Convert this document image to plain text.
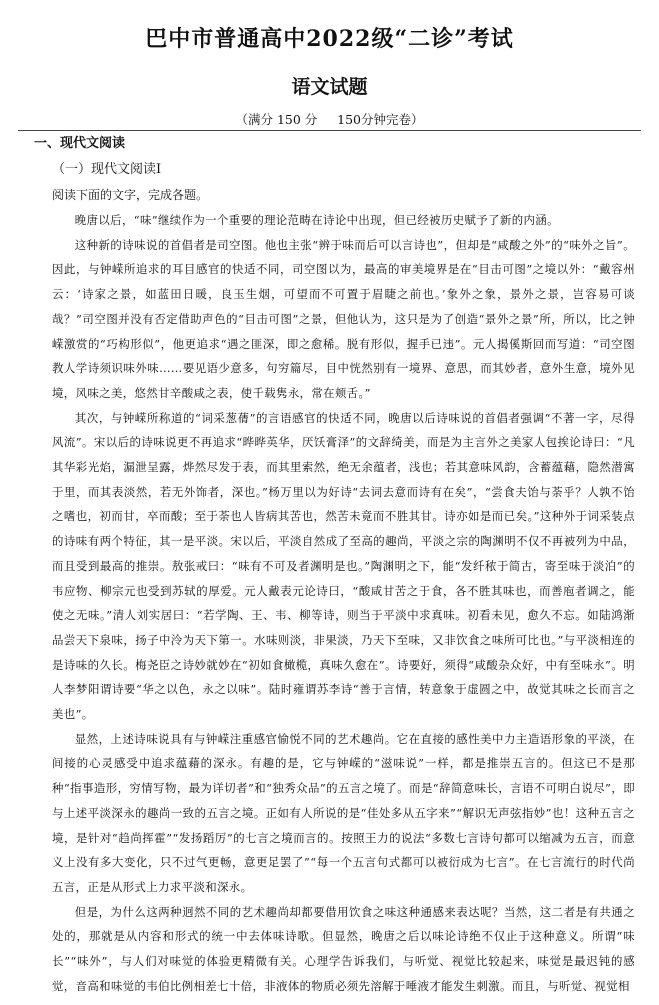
巴中市普通高中2022级“二诊”考试
语文试题
（满分 150 分     150分钟完卷）
一、现代文阅读
（一）现代文阅读Ⅰ
阅读下面的文字，完成各题。

晚唐以后，“味”继续作为一个重要的理论范畴在诗论中出现，但已经被历史赋予了新的内涵。

这种新的诗味说的首倡者是司空图。他也主张“辨于味而后可以言诗也”，但却是“咸酸之外”的“味外之旨”。因此，与钟嵘所追求的耳目感官的快适不同，司空图以为，最高的审美境界是在“目击可图”之境以外：“戴容州云：‘诗家之景，如蓝田日暖，良玉生烟，可望而不可置于眉睫之前也。’象外之象，景外之景，岂容易可谈哉？”司空图并没有否定借助声色的“目击可图”之景，但他认为，这只是为了创造“景外之景”所，所以，比之钟嵘激赏的“巧构形似”，他更追求“遇之匪深，即之愈稀。脱有形似，握手已违”。元人揭傒斯回而写道：“司空图教人学诗须识味外味……要见语少意多，句穷篇尽，目中恍然别有一境界、意思，而其妙者，意外生意，境外见境，风味之美，悠然甘辛酸咸之表，使千载隽永，常在颊舌。”

其次，与钟嵘所称道的“词采葱蒨”的言语感官的快适不同，晚唐以后诗味说的首倡者强调“不著一字，尽得风流”。宋以后的诗味说更不再追求“晔晔英华，厌饫膏泽”的文辞绮美，而是为主言外之美家人包挨论诗曰：“凡其华彩光焰，漏泄呈露，烨然尽发于表，而其里索然，绝无余蕴者，浅也；若其意味风韵，含蓄蕴藉，隐然潜寓于里，而其表淡然，若无外饰者，深也。”杨万里以为好诗“去词去意而诗有在矣”，“尝食夫饴与荼乎？人孰不饴之嗜也，初而甘，卒而酸；至于荼也人皆病其苦也，然苦未竟而不胜其甘。诗亦如是而已矣。”这种外于词采装点的诗味有两个特征，其一是平淡。宋以后，平淡自然成了至高的趣尚，平淡之宗的陶渊明不仅不再被列为中品，而且受到最高的推崇。敖张戒曰：“味有不可及者渊明是也。”陶渊明之下，能“发纤秾于简古，寄至味于淡泊”的韦应物、柳宗元也受到苏轼的厚爱。元人戴表元论诗曰，“酸咸甘苦之于食，各不胜其味也，而善庖者调之，能使之无味。”清人刘实居曰：“若学陶、王、韦、柳等诗，则当于平淡中求真味。初看未见，愈久不忘。如陆鸿渐品尝天下泉味，扬子中泠为天下第一。水味则淡，非果淡，乃天下至味，又非饮食之味所可比也。”与平淡相连的是诗味的久长。梅尧臣之诗妙就妙在“初如食橄榄，真味久愈在”。诗要好，须得“咸酸杂众好，中有至味永”。明人李梦阳谓诗要“华之以色，永之以味”。陆时雍谓苏李诗“善于言情，转意象于虚圆之中，故觉其味之长而言之美也”。

显然，上述诗味说具有与钟嵘注重感官愉悦不同的艺术趣尚。它在直接的感性美中力主造语形象的平淡，在间接的心灵感受中追求蕴藉的深永。有趣的是，它与钟嵘的“滋味说”一样，都是推崇五言的。但这已不是那种“指事造形，穷情写物，最为详切者”和“独秀众品”的五言之境了。而是“辞简意味长，言语不可明白说尽”，即与上述平淡深永的趣尚一致的五言之境。正如有人所说的是“佳处多从五字来”“解识无声弦指妙”也！这种五言之境，是针对“趋尚挥霍”“发扬蹈厉”的七言之境而言的。按照王力的说法“多数七言诗句都可以缩减为五言，而意义上没有多大变化，只不过气更畅，意更足罢了”“每一个五言句式都可以被衍成为七言”。在七言流行的时代尚五言，正是从形式上力求平淡和深永。

但是，为什么这两种迥然不同的艺术趣尚却都要借用饮食之味这种通感来表达呢？当然，这二者是有共通之处的，那就是从内容和形式的统一中去体味诗歌。但显然，晚唐之后以味论诗绝不仅止于这种意义。所谓“味长”“味外”，与人们对味觉的体验更精微有关。心理学告诉我们，与听觉、视觉比较起来，味觉是最迟钝的感觉，音高和味觉的韦伯比例相差七十倍，非液体的物质必须先溶解于唾液才能发生刺激。而且，与听觉、视觉相
